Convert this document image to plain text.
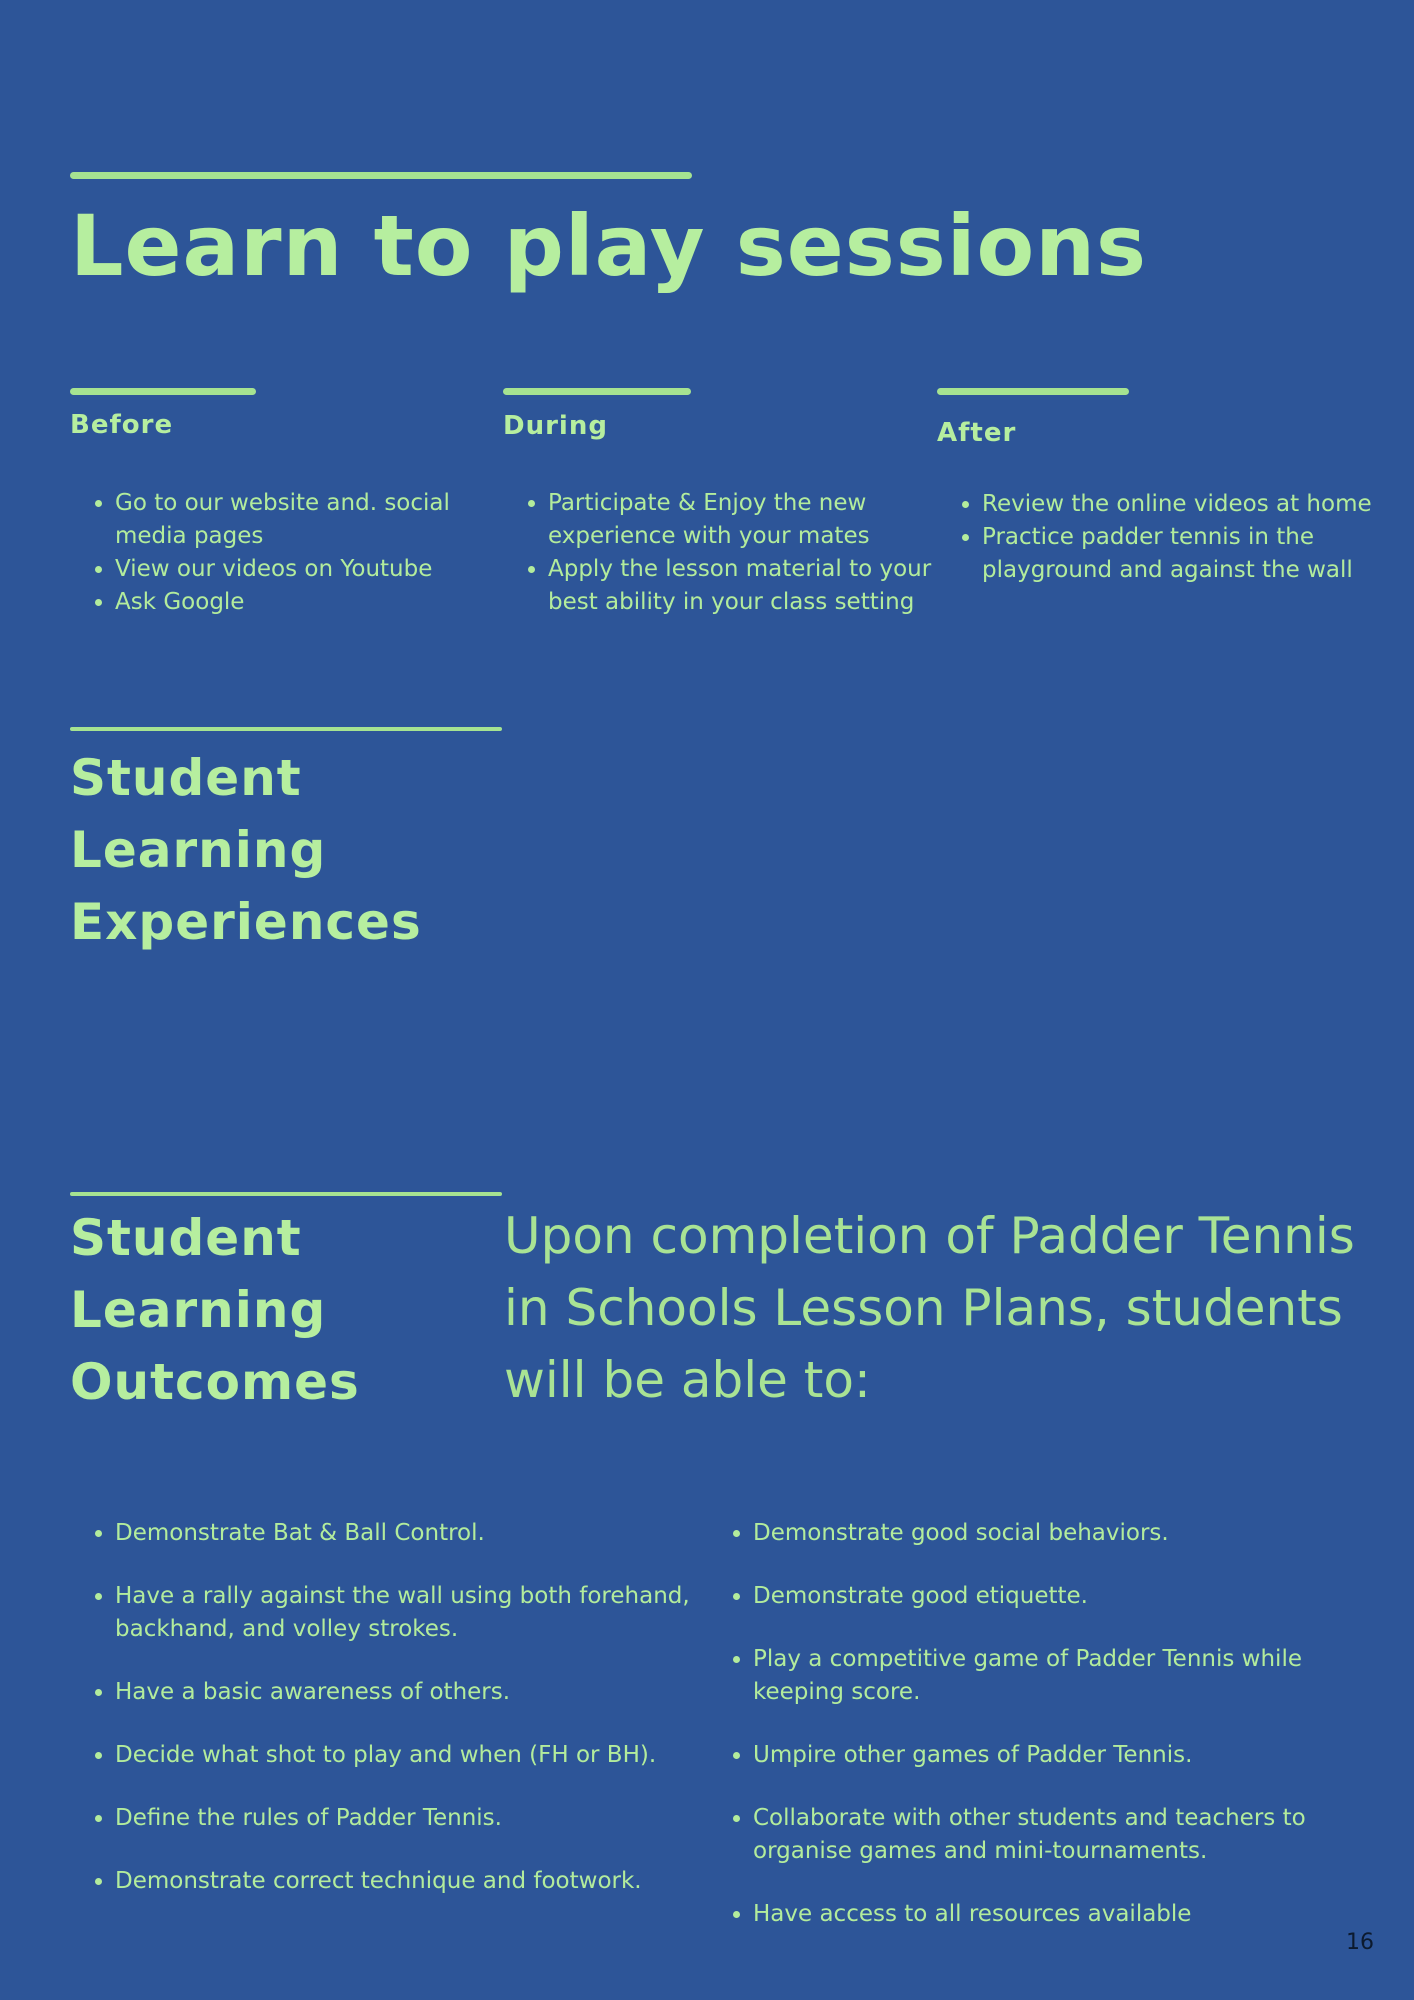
Learn to play sessions
Before
• Go to our website and. social media pages
• View our videos on Youtube
• Ask Google
During
• Participate & Enjoy the new experience with your mates
• Apply the lesson material to your best ability in your class setting
After
• Review the online videos at home
• Practice padder tennis in the playground and against the wall
Student
Learning
Experiences
Student
Learning
Outcomes

Upon completion of Padder Tennis in Schools Lesson Plans, students will be able to:

• Demonstrate Bat & Ball Control.
• Have a rally against the wall using both forehand, backhand, and volley strokes.
• Have a basic awareness of others.
• Decide what shot to play and when (FH or BH).
• Define the rules of Padder Tennis.
• Demonstrate correct technique and footwork.
• Demonstrate good social behaviors.
• Demonstrate good etiquette.
• Play a competitive game of Padder Tennis while keeping score.
• Umpire other games of Padder Tennis.
• Collaborate with other students and teachers to organise games and mini-tournaments.
• Have access to all resources available
16
